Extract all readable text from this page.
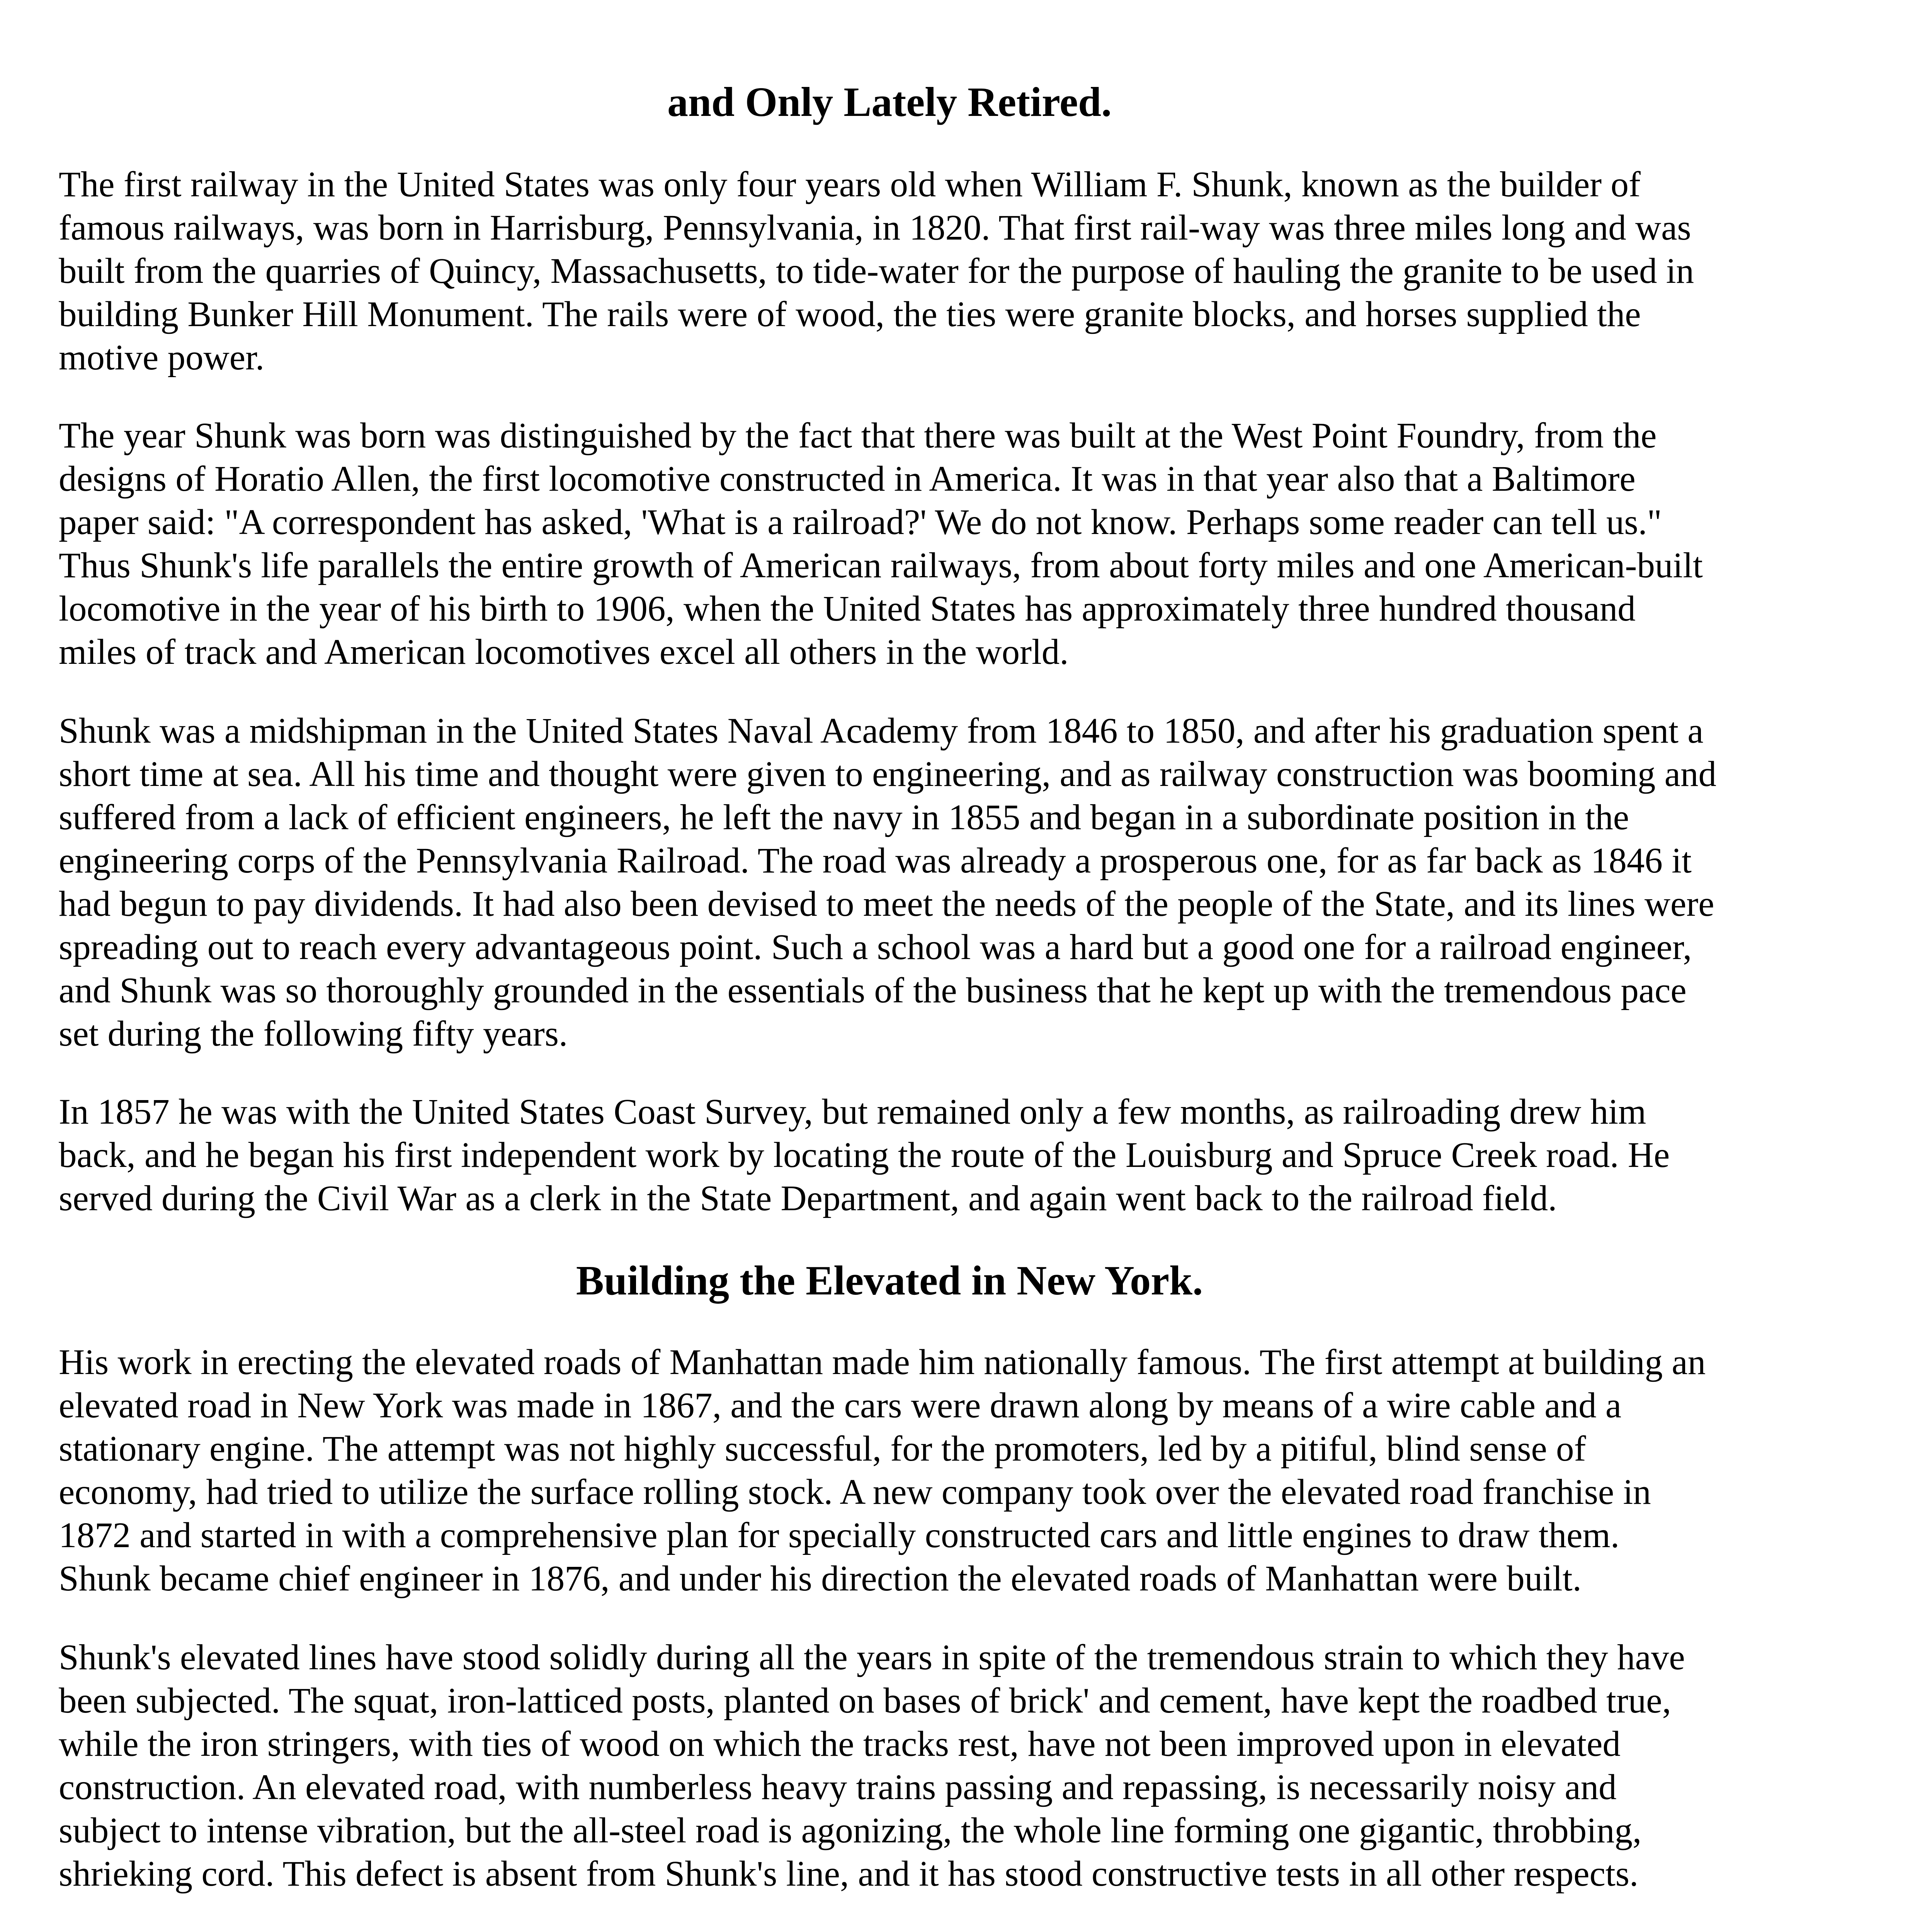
and Only Lately Retired.

The first railway in the United States was only four years old when William F. Shunk, known as the builder of famous railways, was born in Harrisburg, Pennsylvania, in 1820. That first rail-way was three miles long and was built from the quarries of Quincy, Massachusetts, to tide-water for the purpose of hauling the granite to be used in building Bunker Hill Monument. The rails were of wood, the ties were granite blocks, and horses supplied the motive power.

The year Shunk was born was distinguished by the fact that there was built at the West Point Foundry, from the designs of Horatio Allen, the first locomotive constructed in America. It was in that year also that a Baltimore paper said: "A correspondent has asked, 'What is a railroad?' We do not know. Perhaps some reader can tell us." Thus Shunk's life parallels the entire growth of American railways, from about forty miles and one American-built locomotive in the year of his birth to 1906, when the United States has approximately three hundred thousand miles of track and American locomotives excel all others in the world.

Shunk was a midshipman in the United States Naval Academy from 1846 to 1850, and after his graduation spent a short time at sea. All his time and thought were given to engineering, and as railway construction was booming and suffered from a lack of efficient engineers, he left the navy in 1855 and began in a subordinate position in the engineering corps of the Pennsylvania Railroad. The road was already a prosperous one, for as far back as 1846 it had begun to pay dividends. It had also been devised to meet the needs of the people of the State, and its lines were spreading out to reach every advantageous point. Such a school was a hard but a good one for a railroad engineer, and Shunk was so thoroughly grounded in the essentials of the business that he kept up with the tremendous pace set during the following fifty years.

In 1857 he was with the United States Coast Survey, but remained only a few months, as railroading drew him back, and he began his first independent work by locating the route of the Louisburg and Spruce Creek road. He served during the Civil War as a clerk in the State Department, and again went back to the railroad field.

Building the Elevated in New York.

His work in erecting the elevated roads of Manhattan made him nationally famous. The first attempt at building an elevated road in New York was made in 1867, and the cars were drawn along by means of a wire cable and a stationary engine. The attempt was not highly successful, for the promoters, led by a pitiful, blind sense of economy, had tried to utilize the surface rolling stock. A new company took over the elevated road franchise in 1872 and started in with a comprehensive plan for specially constructed cars and little engines to draw them. Shunk became chief engineer in 1876, and under his direction the elevated roads of Manhattan were built.

Shunk's elevated lines have stood solidly during all the years in spite of the tremendous strain to which they have been subjected. The squat, iron-latticed posts, planted on bases of brick' and cement, have kept the roadbed true, while the iron stringers, with ties of wood on which the tracks rest, have not been improved upon in elevated construction. An elevated road, with numberless heavy trains passing and repassing, is necessarily noisy and subject to intense vibration, but the all-steel road is agonizing, the whole line forming one gigantic, throbbing, shrieking cord. This defect is absent from Shunk's line, and it has stood constructive tests in all other respects.
